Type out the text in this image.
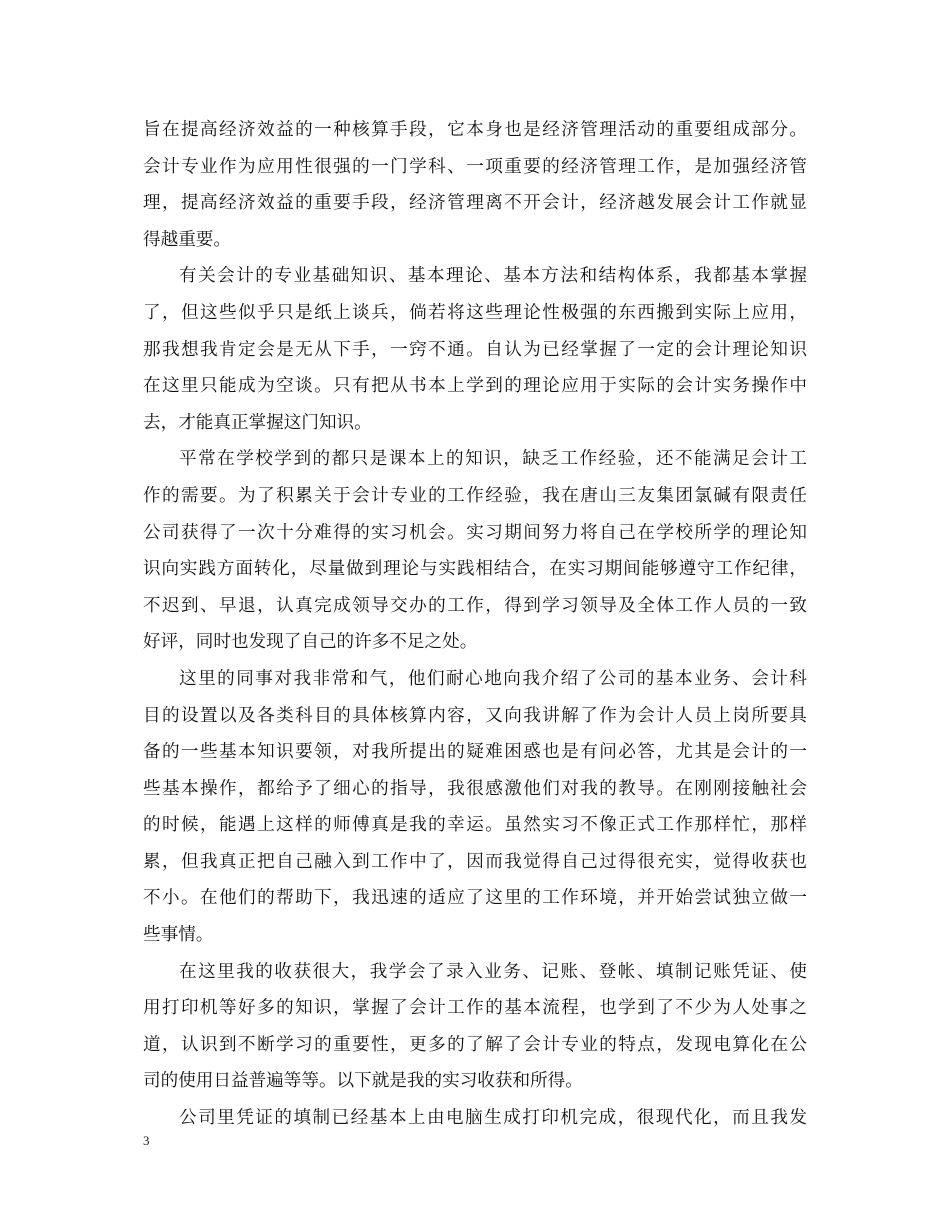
旨在提高经济效益的一种核算手段，它本身也是经济管理活动的重要组成部分。
会计专业作为应用性很强的一门学科、一项重要的经济管理工作，是加强经济管
理，提高经济效益的重要手段，经济管理离不开会计，经济越发展会计工作就显
得越重要。
有关会计的专业基础知识、基本理论、基本方法和结构体系，我都基本掌握
了，但这些似乎只是纸上谈兵，倘若将这些理论性极强的东西搬到实际上应用，
那我想我肯定会是无从下手，一窍不通。自认为已经掌握了一定的会计理论知识
在这里只能成为空谈。只有把从书本上学到的理论应用于实际的会计实务操作中
去，才能真正掌握这门知识。
平常在学校学到的都只是课本上的知识，缺乏工作经验，还不能满足会计工
作的需要。为了积累关于会计专业的工作经验，我在唐山三友集团氯碱有限责任
公司获得了一次十分难得的实习机会。实习期间努力将自己在学校所学的理论知
识向实践方面转化，尽量做到理论与实践相结合，在实习期间能够遵守工作纪律，
不迟到、早退，认真完成领导交办的工作，得到学习领导及全体工作人员的一致
好评，同时也发现了自己的许多不足之处。
这里的同事对我非常和气，他们耐心地向我介绍了公司的基本业务、会计科
目的设置以及各类科目的具体核算内容，又向我讲解了作为会计人员上岗所要具
备的一些基本知识要领，对我所提出的疑难困惑也是有问必答，尤其是会计的一
些基本操作，都给予了细心的指导，我很感激他们对我的教导。在刚刚接触社会
的时候，能遇上这样的师傅真是我的幸运。虽然实习不像正式工作那样忙，那样
累，但我真正把自己融入到工作中了，因而我觉得自己过得很充实，觉得收获也
不小。在他们的帮助下，我迅速的适应了这里的工作环境，并开始尝试独立做一
些事情。
在这里我的收获很大，我学会了录入业务、记账、登帐、填制记账凭证、使
用打印机等好多的知识，掌握了会计工作的基本流程，也学到了不少为人处事之
道，认识到不断学习的重要性，更多的了解了会计专业的特点，发现电算化在公
司的使用日益普遍等等。以下就是我的实习收获和所得。
公司里凭证的填制已经基本上由电脑生成打印机完成，很现代化，而且我发
3
